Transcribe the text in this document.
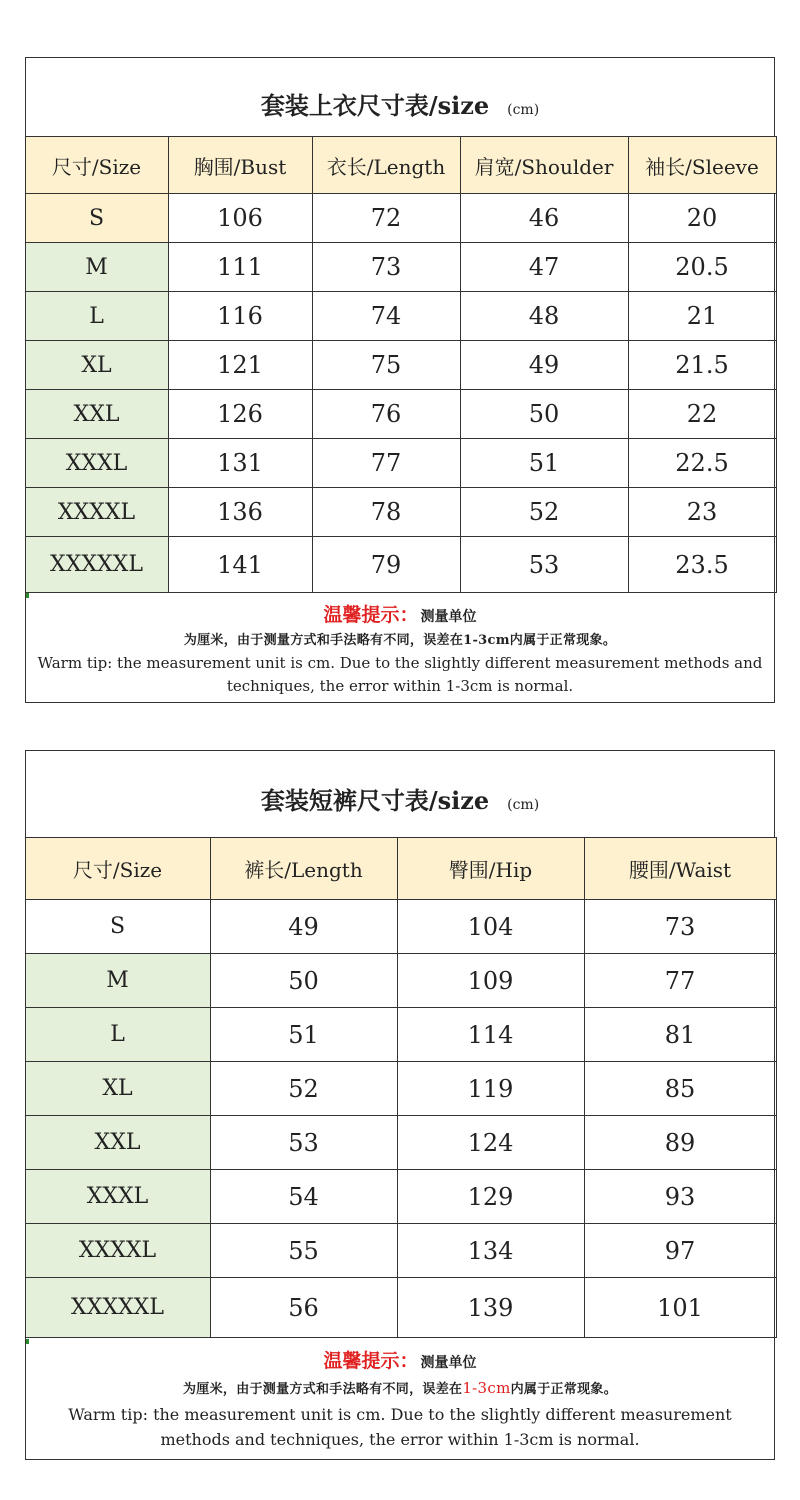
套装上衣尺寸表/size (cm)
尺寸/Size	胸围/Bust	衣长/Length	肩宽/Shoulder	袖长/Sleeve
S	106	72	46	20
M	111	73	47	20.5
L	116	74	48	21
XL	121	75	49	21.5
XXL	126	76	50	22
XXXL	131	77	51	22.5
XXXXL	136	78	52	23
XXXXXL	141	79	53	23.5
温馨提示： 测量单位
为厘米，由于测量方式和手法略有不同，误差在1-3cm内属于正常现象。
Warm tip: the measurement unit is cm. Due to the slightly different measurement methods and techniques, the error within 1-3cm is normal.
套装短裤尺寸表/size (cm)
尺寸/Size	裤长/Length	臀围/Hip	腰围/Waist
S	49	104	73
M	50	109	77
L	51	114	81
XL	52	119	85
XXL	53	124	89
XXXL	54	129	93
XXXXL	55	134	97
XXXXXL	56	139	101
温馨提示： 测量单位
为厘米，由于测量方式和手法略有不同，误差在1-3cm内属于正常现象。
Warm tip: the measurement unit is cm. Due to the slightly different measurement methods and techniques, the error within 1-3cm is normal.
